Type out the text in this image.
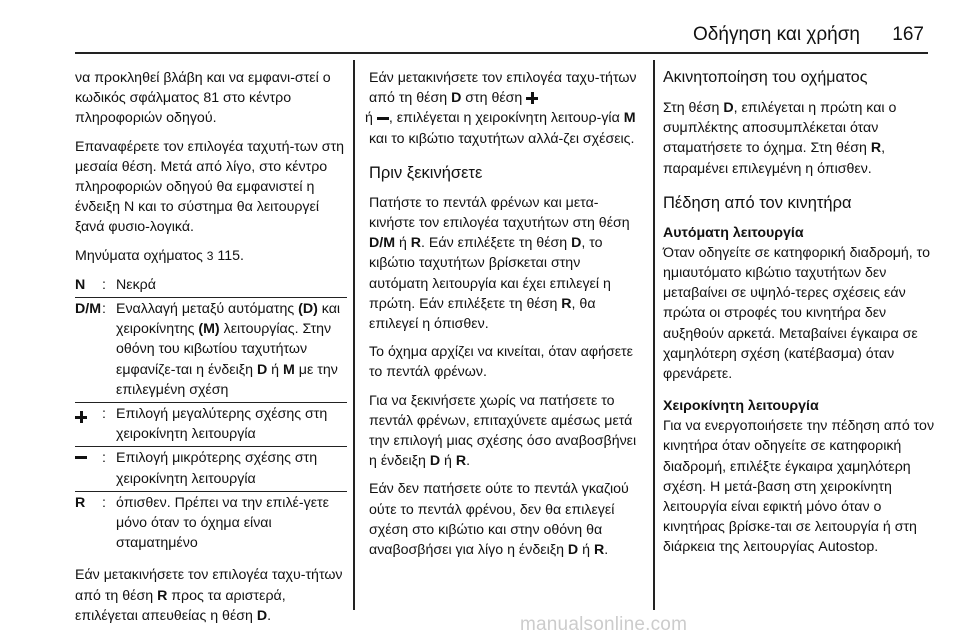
Οδήγηση και χρήση 167

να προκληθεί βλάβη και να εμφανι-στεί ο κωδικός σφάλματος 81 στο κέντρο πληροφοριών οδηγού.

Επαναφέρετε τον επιλογέα ταχυτή-των στη μεσαία θέση. Μετά από λίγο, στο κέντρο πληροφοριών οδηγού θα εμφανιστεί η ένδειξη N και το σύστημα θα λειτουργεί ξανά φυσιο-λογικά.

Μηνύματα οχήματος 3 115.

N	: Νεκρά
D/M : Εναλλαγή μεταξύ αυτόματης (D) και χειροκίνητης (M) λειτουργίας. Στην οθόνη του κιβωτίου ταχυτήτων εμφανίζε-ται η ένδειξη D ή M με την επιλεγμένη σχέση
: Επιλογή μεγαλύτερης σχέσης στη χειροκίνητη λειτουργία
: Επιλογή μικρότερης σχέσης στη χειροκίνητη λειτουργία
R	: όπισθεν. Πρέπει να την επιλέ-γετε μόνο όταν το όχημα είναι σταματημένο

Εάν μετακινήσετε τον επιλογέα ταχυ-τήτων από τη θέση R προς τα αριστερά, επιλέγεται απευθείας η θέση D.

Εάν μετακινήσετε τον επιλογέα ταχυ-τήτων από τη θέση D στη θέση
ή , επιλέγεται η χειροκίνητη λειτουρ-γία M και το κιβώτιο ταχυτήτων αλλά-ζει σχέσεις.

Πριν ξεκινήσετε

Πατήστε το πεντάλ φρένων και μετα-κινήστε τον επιλογέα ταχυτήτων στη θέση D/M ή R. Εάν επιλέξετε τη θέση D, το κιβώτιο ταχυτήτων βρίσκεται στην αυτόματη λειτουργία και έχει επιλεγεί η πρώτη. Εάν επιλέξετε τη θέση R, θα επιλεγεί η όπισθεν.

Το όχημα αρχίζει να κινείται, όταν αφήσετε το πεντάλ φρένων.

Για να ξεκινήσετε χωρίς να πατήσετε το πεντάλ φρένων, επιταχύνετε αμέσως μετά την επιλογή μιας σχέσης όσο αναβοσβήνει η ένδειξη D ή R.

Εάν δεν πατήσετε ούτε το πεντάλ γκαζιού ούτε το πεντάλ φρένου, δεν θα επιλεγεί σχέση στο κιβώτιο και στην οθόνη θα αναβοσβήσει για λίγο η ένδειξη D ή R.

Ακινητοποίηση του οχήματος

Στη θέση D, επιλέγεται η πρώτη και ο συμπλέκτης αποσυμπλέκεται όταν σταματήσετε το όχημα. Στη θέση R, παραμένει επιλεγμένη η όπισθεν.

Πέδηση από τον κινητήρα
Αυτόματη λειτουργία

Όταν οδηγείτε σε κατηφορική διαδρομή, το ημιαυτόματο κιβώτιο ταχυτήτων δεν μεταβαίνει σε υψηλό-τερες σχέσεις εάν πρώτα οι στροφές του κινητήρα δεν αυξηθούν αρκετά. Μεταβαίνει έγκαιρα σε χαμηλότερη σχέση (κατέβασμα) όταν φρενάρετε.

Χειροκίνητη λειτουργία

Για να ενεργοποιήσετε την πέδηση από τον κινητήρα όταν οδηγείτε σε κατηφορική διαδρομή, επιλέξτε έγκαιρα χαμηλότερη σχέση. Η μετά-βαση στη χειροκίνητη λειτουργία είναι εφικτή μόνο όταν ο κινητήρας βρίσκε-ται σε λειτουργία ή στη διάρκεια της λειτουργίας Autostop.

manualsonline.com
